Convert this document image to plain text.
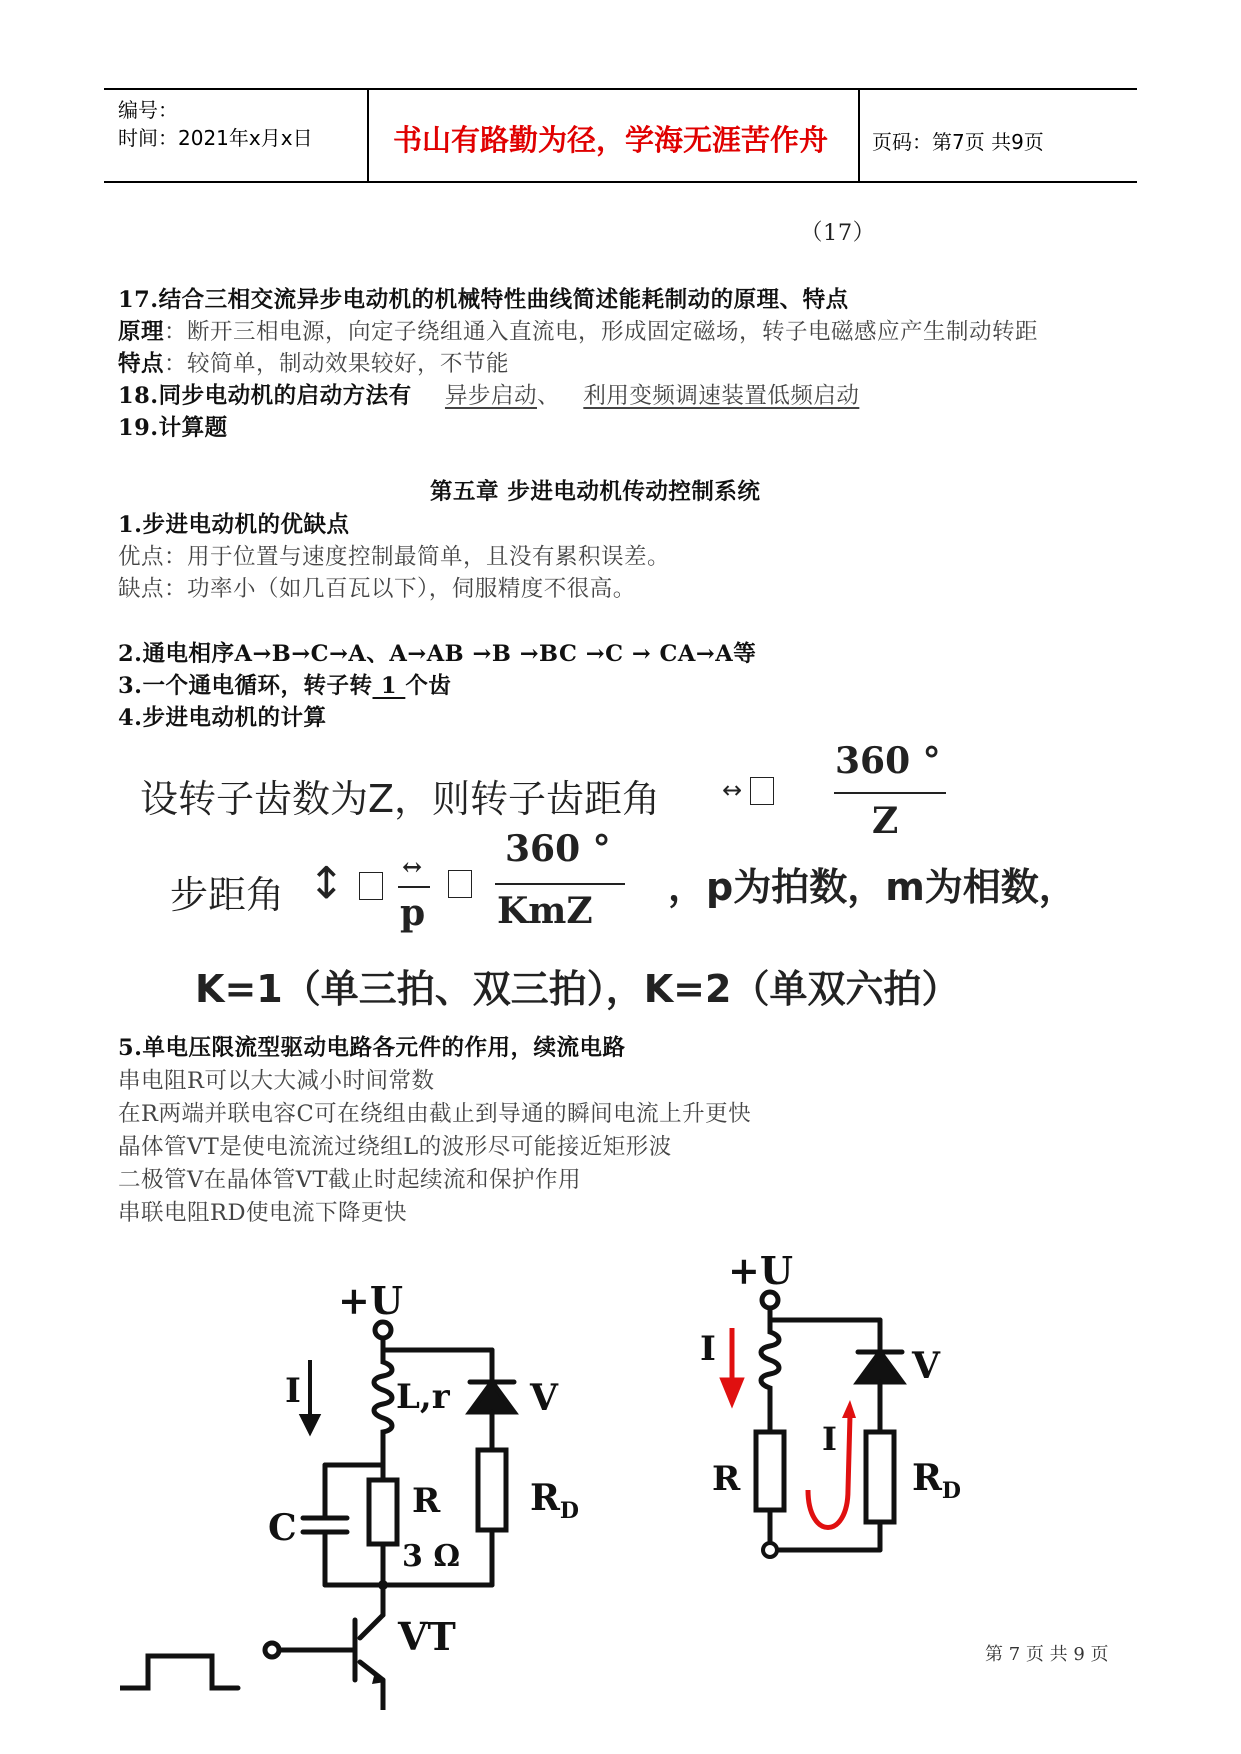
编号：
时间：2021年x月x日	书山有路勤为径，学海无涯苦作舟 页码：第7页 共9页
（17）
17.结合三相交流异步电动机的机械特性曲线简述能耗制动的原理、特点
原理：断开三相电源，向定子绕组通入直流电，形成固定磁场，转子电磁感应产生制动转距
特点：较简单，制动效果较好，不节能
18.同步电动机的启动方法有 异步启动、 利用变频调速装置低频启动
19.计算题
第五章 步进电动机传动控制系统
1.步进电动机的优缺点
优点：用于位置与速度控制最简单，且没有累积误差。
缺点：功率小（如几百瓦以下），伺服精度不很高。
2.通电相序A→B→C→A、A→AB →B →BC →C → CA→A等
3.一个通电循环，转子转 1 个齿
4.步进电动机的计算
设转子齿数为Z，则转子齿距角	↔
360 °
Z
步距角 ↕	↔
p
360 °
KmZ
，p为拍数，m为相数，
K=1（单三拍、双三拍），K=2（单双六拍）
5.单电压限流型驱动电路各元件的作用，续流电路
串电阻R可以大大减小时间常数
在R两端并联电容C可在绕组由截止到导通的瞬间电流上升更快
晶体管VT是使电流流过绕组L的波形尽可能接近矩形波
二极管V在晶体管VT截止时起续流和保护作用
串联电阻RD使电流下降更快
+U
I	L,r V
C
R
3 Ω
$R_D$
VT
+U
I	V
R
I
$R_D$
第 7 页 共 9 页
